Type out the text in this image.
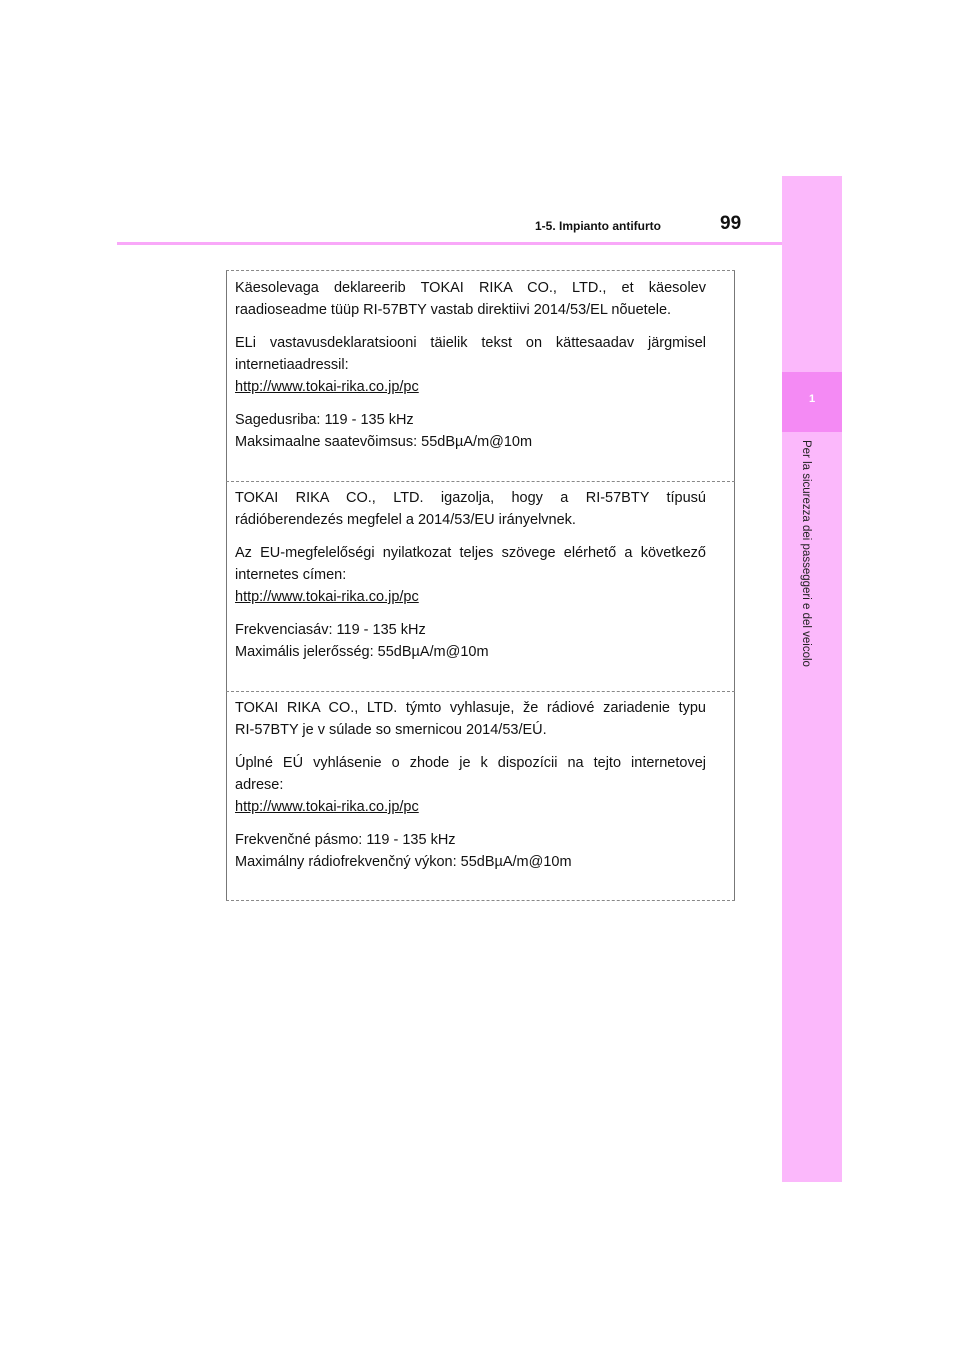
1
Per la sicurezza dei passeggeri e del veicolo
1-5. Impianto antifurto	99

Käesolevaga deklareerib TOKAI RIKA CO., LTD., et käesolev

raadioseadme tüüp RI-57BTY vastab direktiivi 2014/53/EL nõuetele.

ELi vastavusdeklaratsiooni täielik tekst on kättesaadav järgmisel

internetiaadressil:

http://www.tokai-rika.co.jp/pc

Sagedusriba: 119 - 135 kHz

Maksimaalne saatevõimsus: 55dBµA/m@10m

TOKAI RIKA CO., LTD. igazolja, hogy a RI-57BTY típusú

rádióberendezés megfelel a 2014/53/EU irányelvnek.

Az EU-megfelelőségi nyilatkozat teljes szövege elérhető a következő

internetes címen:

http://www.tokai-rika.co.jp/pc

Frekvenciasáv: 119 - 135 kHz

Maximális jelerősség: 55dBµA/m@10m

TOKAI RIKA CO., LTD. týmto vyhlasuje, že rádiové zariadenie typu

RI-57BTY je v súlade so smernicou 2014/53/EÚ.

Úplné EÚ vyhlásenie o zhode je k dispozícii na tejto internetovej

adrese:

http://www.tokai-rika.co.jp/pc

Frekvenčné pásmo: 119 - 135 kHz

Maximálny rádiofrekvenčný výkon: 55dBµA/m@10m
